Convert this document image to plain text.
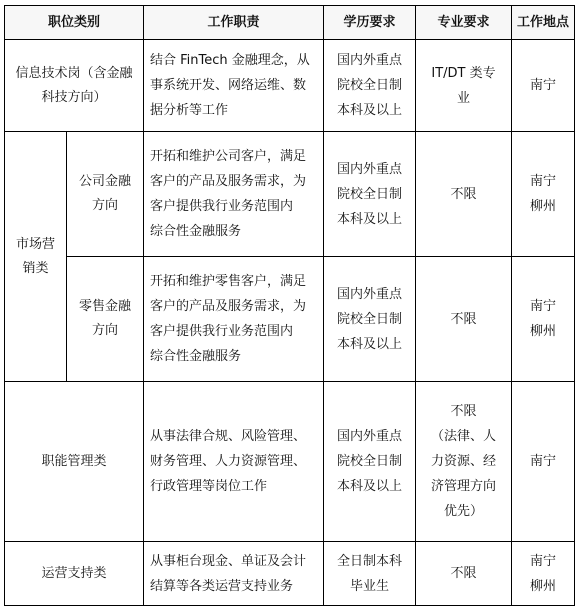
职位类别		工作职责	学历要求	专业要求	工作地点

信息技术岗（含金融
科技方向）		结合 FinTech 金融理念，从
事系统开发、网络运维、数
据分析等工作	国内外重点
院校全日制
本科及以上	IT/DT 类专
业	南宁

市场营
销类	公司金融
方向	开拓和维护公司客户，满足
客户的产品及服务需求，为
客户提供我行业务范围内
综合性金融服务	国内外重点
院校全日制
本科及以上	不限	南宁
柳州

	零售金融
方向	开拓和维护零售客户，满足
客户的产品及服务需求，为
客户提供我行业务范围内
综合性金融服务	国内外重点
院校全日制
本科及以上	不限	南宁
柳州

职能管理类		从事法律合规、风险管理、
财务管理、人力资源管理、
行政管理等岗位工作	国内外重点
院校全日制
本科及以上	不限
（法律、人
力资源、经
济管理方向
优先）	南宁

运营支持类		从事柜台现金、单证及会计
结算等各类运营支持业务	全日制本科
毕业生	不限	南宁
柳州
